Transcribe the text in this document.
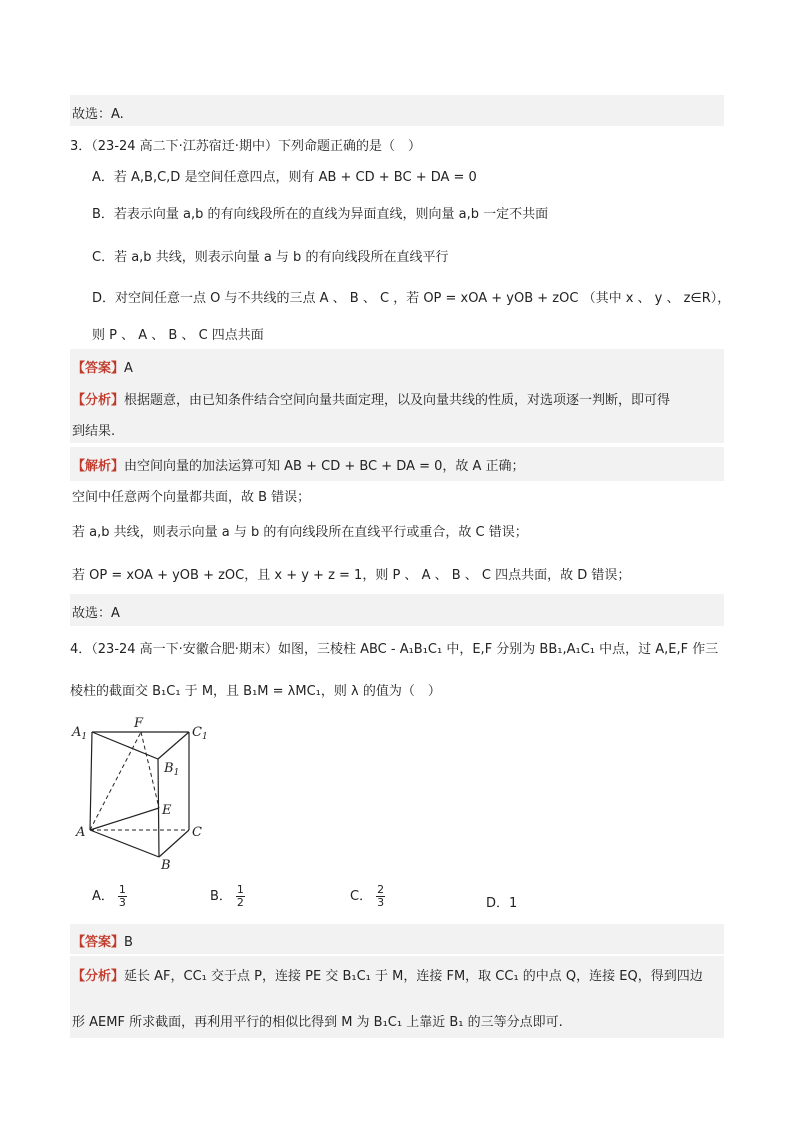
故选：A.
3．（23-24 高二下·江苏宿迁·期中）下列命题正确的是（　）
A．若 A,B,C,D 是空间任意四点，则有 AB + CD + BC + DA = 0
B．若表示向量 a,b 的有向线段所在的直线为异面直线，则向量 a,b 一定不共面
C．若 a,b 共线，则表示向量 a 与 b 的有向线段所在直线平行
D．对空间任意一点 O 与不共线的三点 A 、 B 、 C ，若 OP = xOA + yOB + zOC （其中 x 、 y 、 z∈R），
则 P 、 A 、 B 、 C 四点共面
【答案】A
【分析】根据题意，由已知条件结合空间向量共面定理，以及向量共线的性质，对选项逐一判断，即可得
到结果.
【解析】由空间向量的加法运算可知 AB + CD + BC + DA = 0，故 A 正确；
空间中任意两个向量都共面，故 B 错误；
若 a,b 共线，则表示向量 a 与 b 的有向线段所在直线平行或重合，故 C 错误；
若 OP = xOA + yOB + zOC，且 x + y + z = 1，则 P 、 A 、 B 、 C 四点共面，故 D 错误；
故选：A
4．（23-24 高一下·安徽合肥·期末）如图，三棱柱 ABC - A₁B₁C₁ 中，E,F 分别为 BB₁,A₁C₁ 中点，过 A,E,F 作三
棱柱的截面交 B₁C₁ 于 M，且 B₁M = λMC₁，则 λ 的值为（　）
$A_1$
F
$C_1$
$B_1$
E
A	C
B
A． $\frac{1}{3}$	B． $\frac{1}{2}$	C． $\frac{2}{3}$	D．1
【答案】B
【分析】延长 AF，CC₁ 交于点 P，连接 PE 交 B₁C₁ 于 M，连接 FM，取 CC₁ 的中点 Q，连接 EQ，得到四边
形 AEMF 所求截面，再利用平行的相似比得到 M 为 B₁C₁ 上靠近 B₁ 的三等分点即可.
